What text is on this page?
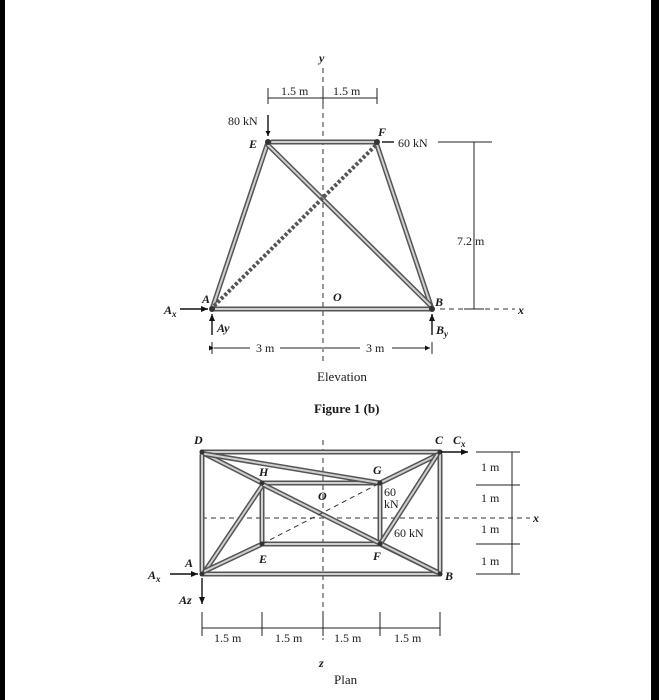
y
x
1.5 m 1.5 m
E
F
A	B
O
80 kN
60 kN
7.2 m
$A_x$
Ay	$B_y$
3 m	3 m
Elevation
Figure 1 (b)
z
x
D	C $C_x$
H	G
O
E	F
A
B
60
kN
60 kN
$A_x$
Az
1 m
1 m
1 m
1 m
1.5 m	1.5 m	1.5 m	1.5 m
Plan
